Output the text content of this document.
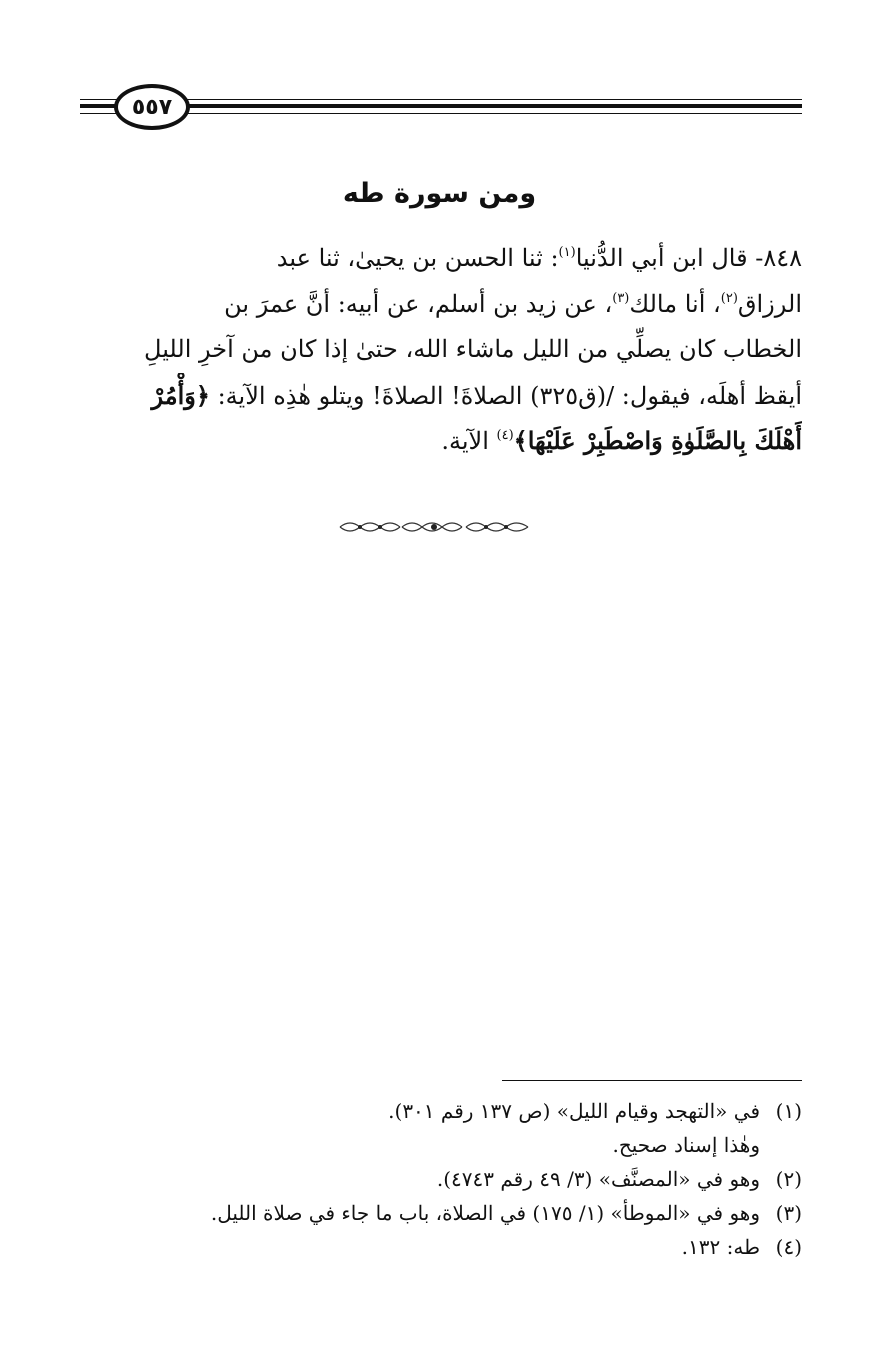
٥٥٧
ومن سورة طه
٨٤٨- قال ابن أبي الدُّنيا$^{(١)}$: ثنا الحسن بن يحيىٰ، ثنا عبد
الرزاق$^{(٢)}$، أنا مالك$^{(٣)}$، عن زيد بن أسلم، عن أبيه: أنَّ عمرَ بن
الخطاب كان يصلِّي من الليل ماشاء الله، حتىٰ إذا كان من آخرِ الليلِ
أيقظ أهلَه، فيقول: /(ق٣٢٥) الصلاةَ! الصلاةَ! ويتلو هٰذِه الآية: ﴿وَأْمُرْ
أَهْلَكَ بِالصَّلَوٰةِ وَاصْطَبِرْ عَلَيْهَا﴾$^{(٤)}$ الآية.
(١)
في «التهجد وقيام الليل» (ص ١٣٧ رقم ٣٠١).
وهٰذا إسناد صحيح.
(٢)
وهو في «المصنَّف» (٣/ ٤٩ رقم ٤٧٤٣).
(٣)
وهو في «الموطأ» (١/ ١٧٥) في الصلاة، باب ما جاء في صلاة الليل.
(٤)
طه: ١٣٢.
